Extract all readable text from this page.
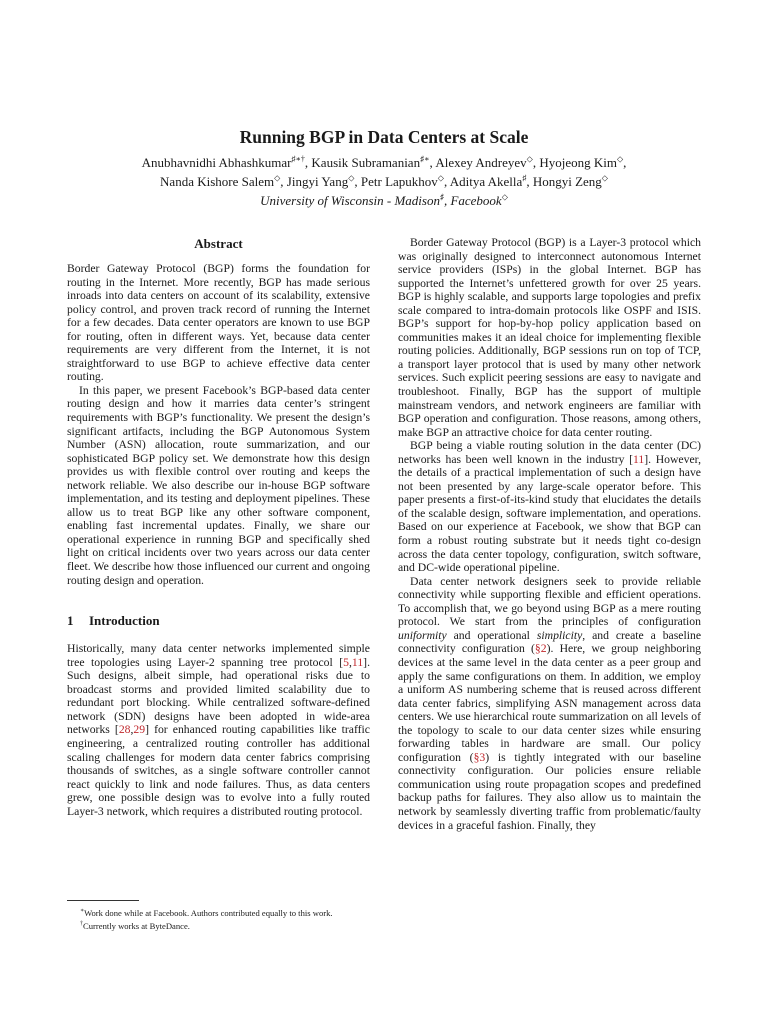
Running BGP in Data Centers at Scale
Anubhavnidhi Abhashkumar♯∗†, Kausik Subramanian♯∗, Alexey Andreyev◇, Hyojeong Kim◇,
Nanda Kishore Salem◇, Jingyi Yang◇, Petr Lapukhov◇, Aditya Akella♯, Hongyi Zeng◇
University of Wisconsin - Madison♯, Facebook◇
Abstract

Border Gateway Protocol (BGP) forms the foundation for routing in the Internet. More recently, BGP has made serious inroads into data centers on account of its scalability, extensive policy control, and proven track record of running the Internet for a few decades. Data center operators are known to use BGP for routing, often in different ways. Yet, because data center requirements are very different from the Internet, it is not straightforward to use BGP to achieve effective data center routing.

In this paper, we present Facebook’s BGP-based data center routing design and how it marries data center’s stringent requirements with BGP’s functionality. We present the design’s significant artifacts, including the BGP Autonomous System Number (ASN) allocation, route summarization, and our sophisticated BGP policy set. We demonstrate how this design provides us with flexible control over routing and keeps the network reliable. We also describe our in-house BGP software implementation, and its testing and deployment pipelines. These allow us to treat BGP like any other software component, enabling fast incremental updates. Finally, we share our operational experience in running BGP and specifically shed light on critical incidents over two years across our data center fleet. We describe how those influenced our current and ongoing routing design and operation.

1 Introduction

Historically, many data center networks implemented simple tree topologies using Layer-2 spanning tree protocol [5,11]. Such designs, albeit simple, had operational risks due to broadcast storms and provided limited scalability due to redundant port blocking. While centralized software-defined network (SDN) designs have been adopted in wide-area networks [28,29] for enhanced routing capabilities like traffic engineering, a centralized routing controller has additional scaling challenges for modern data center fabrics comprising thousands of switches, as a single software controller cannot react quickly to link and node failures. Thus, as data centers grew, one possible design was to evolve into a fully routed Layer-3 network, which requires a distributed routing protocol.

Border Gateway Protocol (BGP) is a Layer-3 protocol which was originally designed to interconnect autonomous Internet service providers (ISPs) in the global Internet. BGP has supported the Internet’s unfettered growth for over 25 years. BGP is highly scalable, and supports large topologies and prefix scale compared to intra-domain protocols like OSPF and ISIS. BGP’s support for hop-by-hop policy application based on communities makes it an ideal choice for implementing flexible routing policies. Additionally, BGP sessions run on top of TCP, a transport layer protocol that is used by many other network services. Such explicit peering sessions are easy to navigate and troubleshoot. Finally, BGP has the support of multiple mainstream vendors, and network engineers are familiar with BGP operation and configuration. Those reasons, among others, make BGP an attractive choice for data center routing.

BGP being a viable routing solution in the data center (DC) networks has been well known in the industry [11]. However, the details of a practical implementation of such a design have not been presented by any large-scale operator before. This paper presents a first-of-its-kind study that elucidates the details of the scalable design, software implementation, and operations. Based on our experience at Facebook, we show that BGP can form a robust routing substrate but it needs tight co-design across the data center topology, configuration, switch software, and DC-wide operational pipeline.

Data center network designers seek to provide reliable connectivity while supporting flexible and efficient operations. To accomplish that, we go beyond using BGP as a mere routing protocol. We start from the principles of configuration uniformity and operational simplicity, and create a baseline connectivity configuration (§2). Here, we group neighboring devices at the same level in the data center as a peer group and apply the same configurations on them. In addition, we employ a uniform AS numbering scheme that is reused across different data center fabrics, simplifying ASN management across data centers. We use hierarchical route summarization on all levels of the topology to scale to our data center sizes while ensuring forwarding tables in hardware are small. Our policy configuration (§3) is tightly integrated with our baseline connectivity configuration. Our policies ensure reliable communication using route propagation scopes and predefined backup paths for failures. They also allow us to maintain the network by seamlessly diverting traffic from problematic/faulty devices in a graceful fashion. Finally, they

∗Work done while at Facebook. Authors contributed equally to this work.
†Currently works at ByteDance.
